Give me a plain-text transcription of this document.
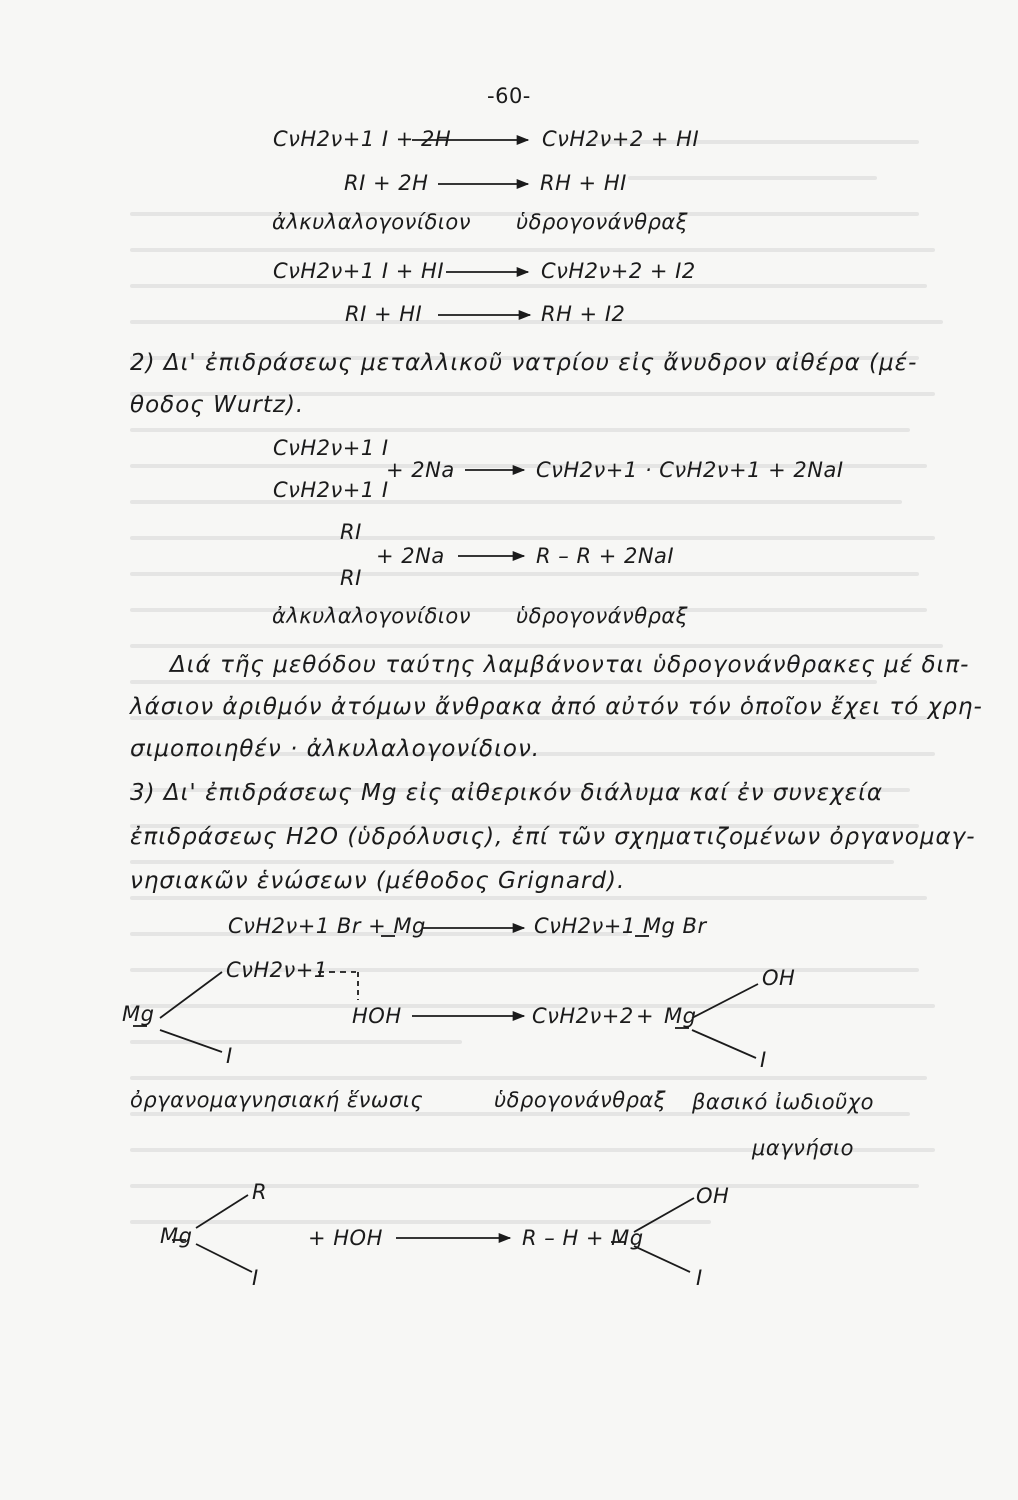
-60-
CνH2ν+1 I + 2H	CνH2ν+2 + HI
RI + 2H	RH + HI
ἀλκυλαλογονίδιον ὑδρογονάνθραξ
CνH2ν+1 I + HI	CνH2ν+2 + I2
RI + HI	RH + I2
2) Δι' ἐπιδράσεως μεταλλικοῦ νατρίου εἰς ἄνυδρον αἰθέρα (μέ-
θοδος Wurtz).
CνH2ν+1 I
+ 2Na
CνH2ν+1 I
CνH2ν+1 · CνH2ν+1 + 2NaI
RI
+ 2Na
RI
R – R + 2NaI
ἀλκυλαλογονίδιον ὑδρογονάνθραξ
Διά τῆς μεθόδου ταύτης λαμβάνονται ὑδρογονάνθρακες μέ διπ-
λάσιον ἀριθμόν ἀτόμων ἄνθρακα ἀπό αὐτόν τόν ὁποῖον ἔχει τό χρη-
σιμοποιηθέν · ἀλκυλαλογονίδιον.
3) Δι' ἐπιδράσεως Mg εἰς αἰθερικόν διάλυμα καί ἐν συνεχεία
ἐπιδράσεως H2O (ὑδρόλυσις), ἐπί τῶν σχηματιζομένων ὀργανομαγ-
νησιακῶν ἑνώσεων (μέθοδος Grignard).
CνH2ν+1 Br + Mg	CνH2ν+1 Mg Br
CνH2ν+1
Mg
I
HOH	CνH2ν+2 + Mg
OH
I
ὀργανομαγνησιακή ἕνωσις	ὑδρογονάνθραξ βασικό ἰωδιοῦχο
μαγνήσιο
R
Mg
I
+ HOH	R – H + Mg
OH
I
